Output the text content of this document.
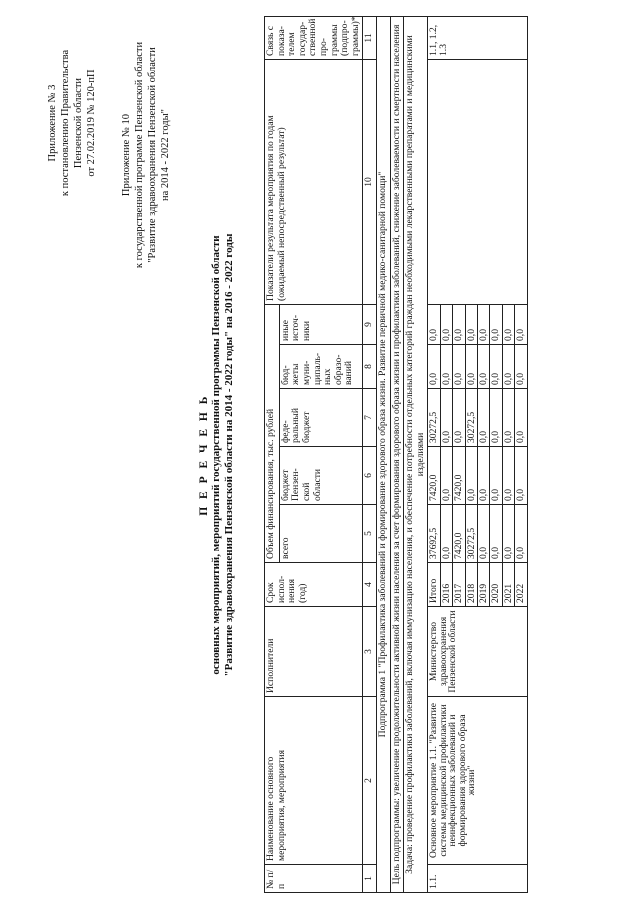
Приложение № 3 к постановлению Правительства Пензенской области от 27.02.2019 № 120-пП Приложение № 10 к государственной программе Пензенской области "Развитие здравоохранения Пензенской области на 2014 - 2022 годы"
П Е Р Е Ч Е Н Ь основных мероприятий, мероприятий государственной программы Пензенской области "Развитие здравоохранения Пензенской области на 2014 - 2022 годы" на 2016 - 2022 годы
№ п/п	Наименование основного мероприятия, мероприятия	Исполнители	Срок испол-нения (год)	Объем финансирования, тыс. рублей					Показатели результата мероприятия по годам (ожидаемый непосредственный результат)	Связь с показа-телем государ-ственной про-граммы (подпро-граммы)*
				всего	бюджет Пензен-ской области	феде-ральный бюджет	бюд-жеты муни-ципаль-ных образо-ваний	иные источ-ники		
1	2	3	4	5	6	7	8	9	10	11
Подпрограмма 1 "Профилактика заболеваний и формирование здорового образа жизни. Развитие первичной медико-санитарной помощи"										
Цель подпрограммы: увеличение продолжительности активной жизни населения за счет формирования здорового образа жизни и профилактики заболеваний, снижение заболеваемости и смертности населения										
Задача: проведение профилактики заболеваний, включая иммунизацию населения, и обеспечение потребности отдельных категорий граждан необходимыми лекарственными препаратами и медицинскими изделиями										
1.1.	Основное мероприятие 1.1. "Развитие системы медицинской профилактики неинфекционных заболеваний и формирования здорового образа жизни"	Министерство здравоохранения Пензенской области	Итого	37692,5	7420,0	30272,5	0,0	0,0		1.1, 1.2, 1.3
			2016	0,0	0,0	0,0	0,0	0,0		
			2017	7420,0	7420,0	0,0	0,0	0,0		
			2018	30272,5	0,0	30272,5	0,0	0,0		
			2019	0,0	0,0	0,0	0,0	0,0		
			2020	0,0	0,0	0,0	0,0	0,0		
			2021	0,0	0,0	0,0	0,0	0,0		
			2022	0,0	0,0	0,0	0,0	0,0		
